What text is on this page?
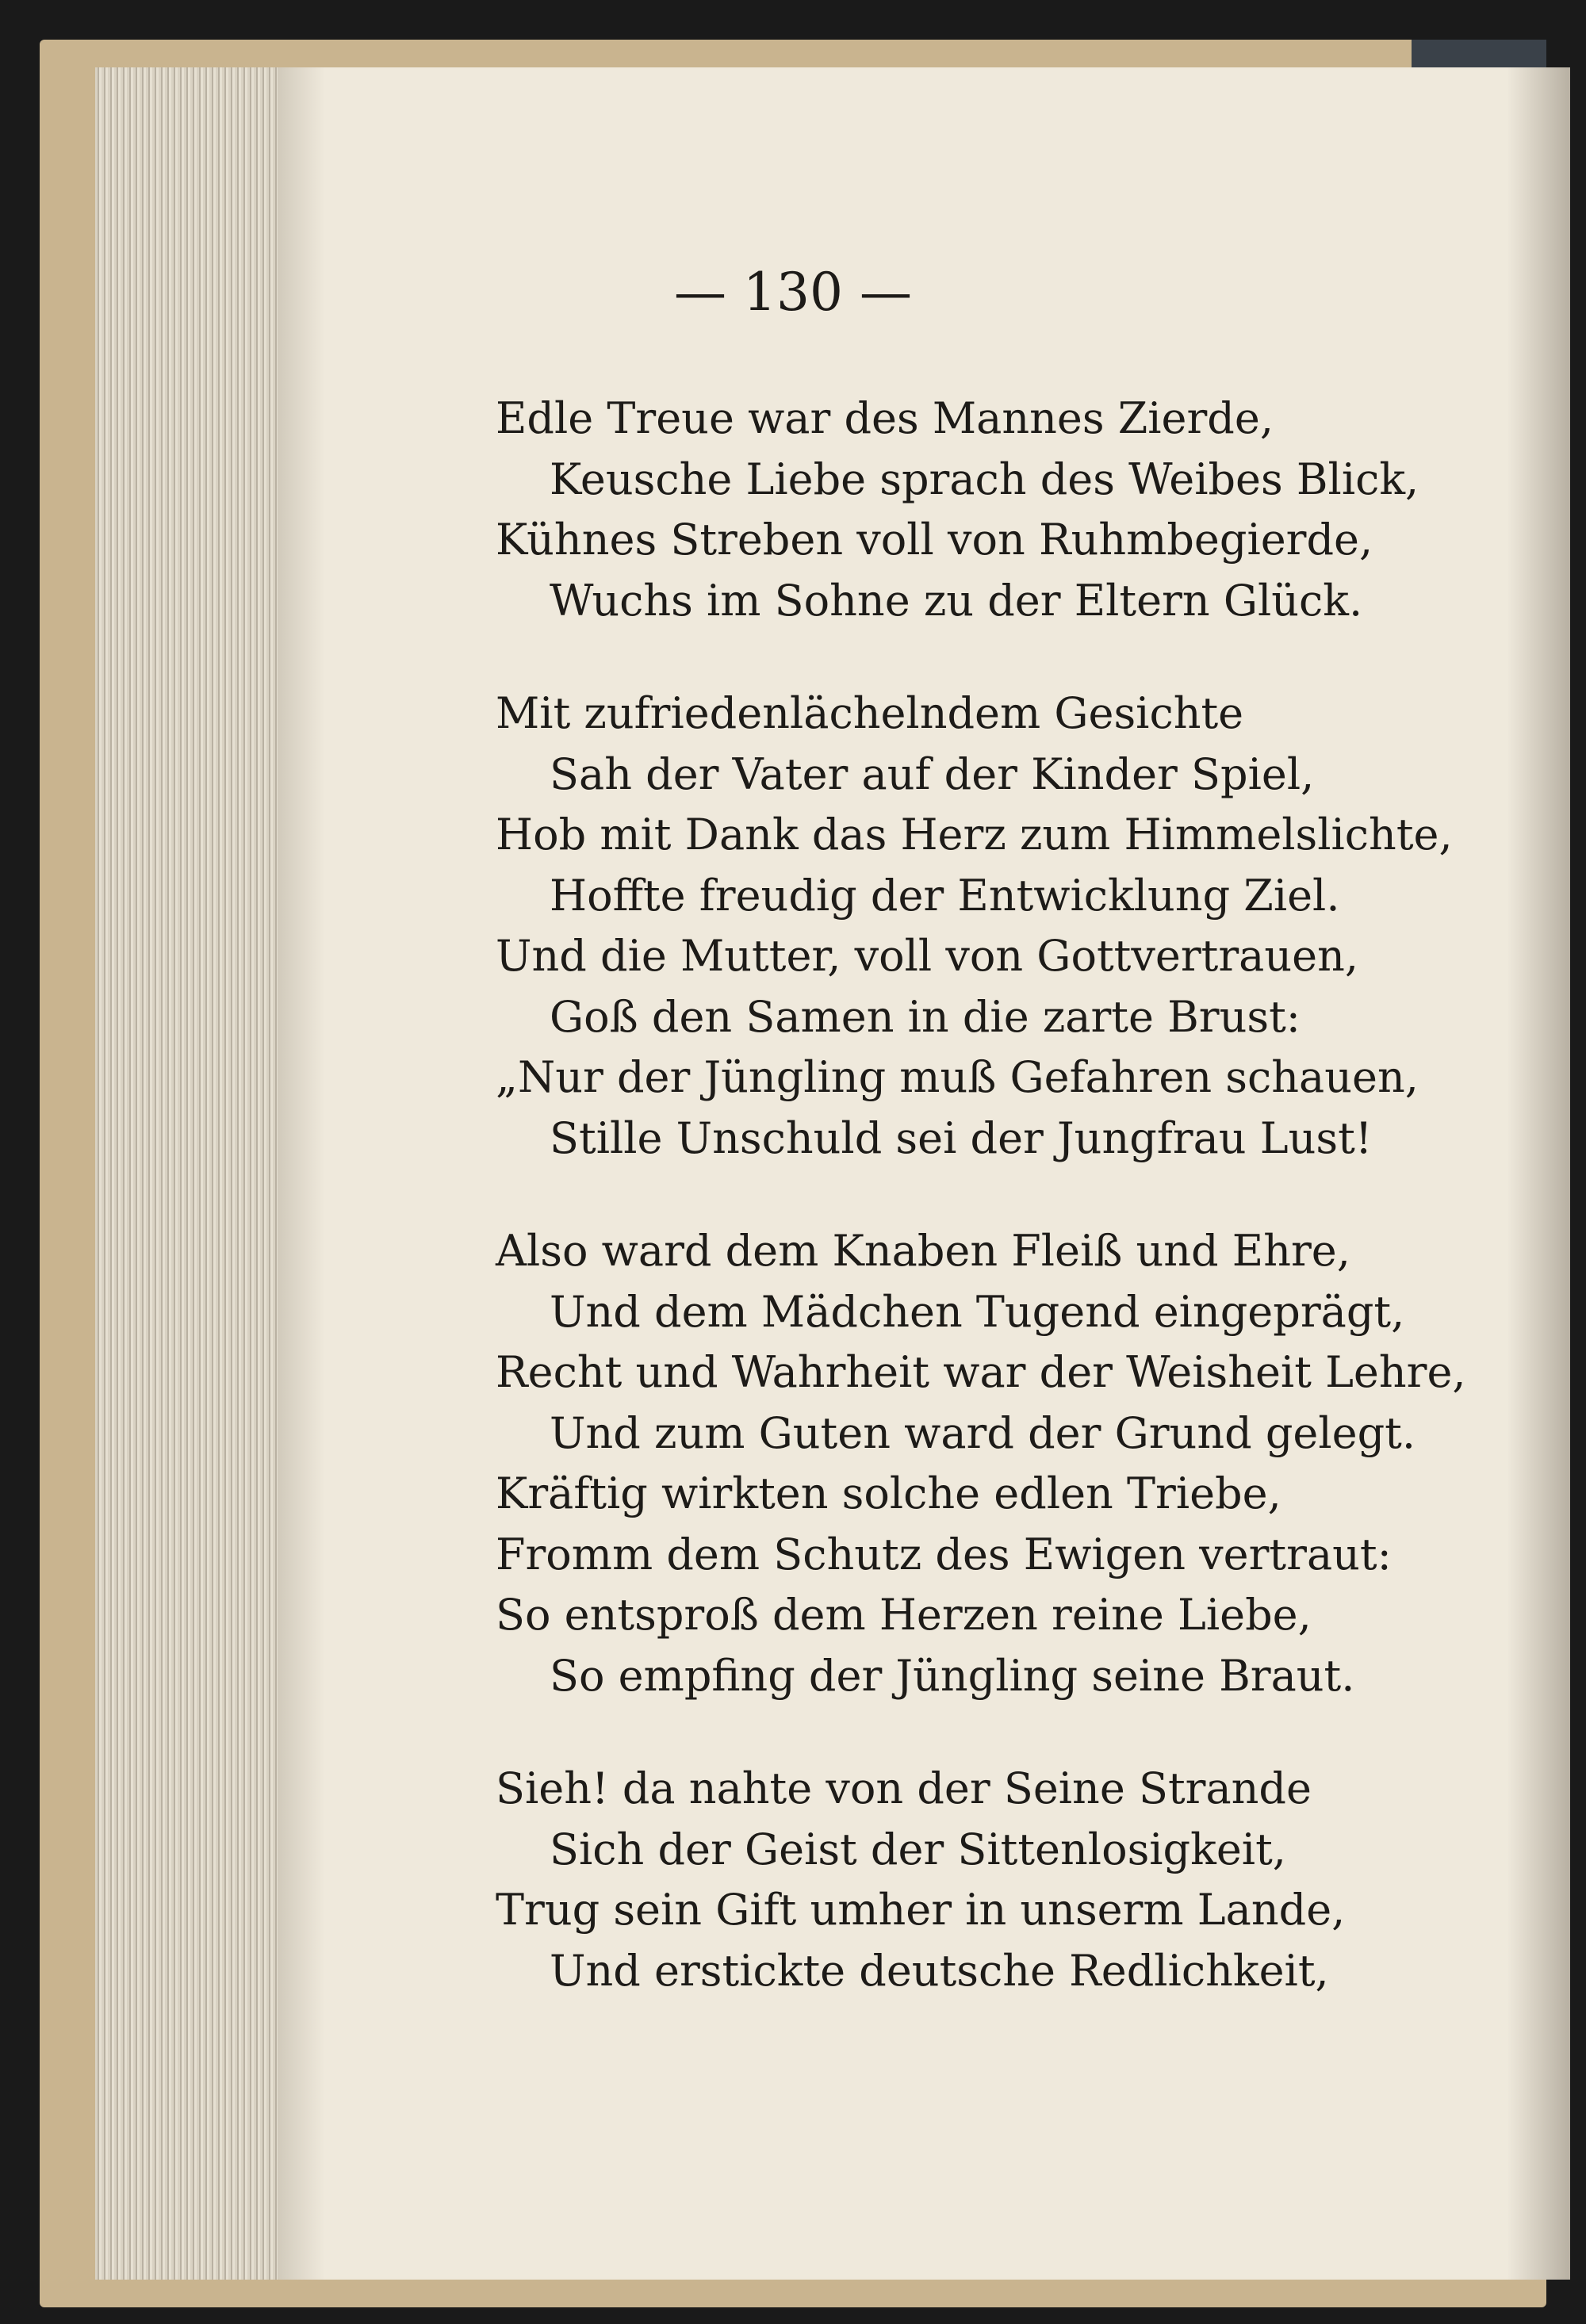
— 130 —
Edle Treue war des Mannes Zierde,
Keusche Liebe sprach des Weibes Blick,
Kühnes Streben voll von Ruhmbegierde,
Wuchs im Sohne zu der Eltern Glück.
Mit zufriedenlächelndem Gesichte
Sah der Vater auf der Kinder Spiel,
Hob mit Dank das Herz zum Himmelslichte,
Hoffte freudig der Entwicklung Ziel.
Und die Mutter, voll von Gottvertrauen,
Goß den Samen in die zarte Brust:
„Nur der Jüngling muß Gefahren schauen,
Stille Unschuld sei der Jungfrau Lust!
Also ward dem Knaben Fleiß und Ehre,
Und dem Mädchen Tugend eingeprägt,
Recht und Wahrheit war der Weisheit Lehre,
Und zum Guten ward der Grund gelegt.
Kräftig wirkten solche edlen Triebe,
Fromm dem Schutz des Ewigen vertraut:
So entsproß dem Herzen reine Liebe,
So empfing der Jüngling seine Braut.
Sieh! da nahte von der Seine Strande
Sich der Geist der Sittenlosigkeit,
Trug sein Gift umher in unserm Lande,
Und erstickte deutsche Redlichkeit,
